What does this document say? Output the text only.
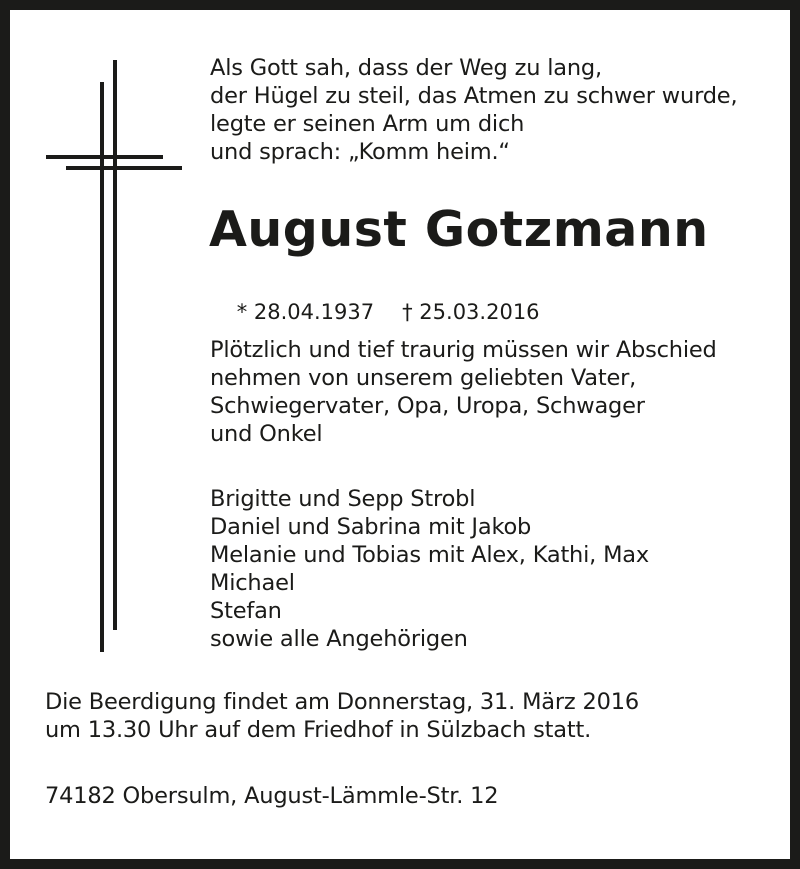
Als Gott sah, dass der Weg zu lang,

der Hügel zu steil, das Atmen zu schwer wurde,

legte er seinen Arm um dich

und sprach: „Komm heim.“

August Gotzmann

* 28.04.1937 † 25.03.2016

Plötzlich und tief traurig müssen wir Abschied

nehmen von unserem geliebten Vater,

Schwiegervater, Opa, Uropa, Schwager

und Onkel

Brigitte und Sepp Strobl

Daniel und Sabrina mit Jakob

Melanie und Tobias mit Alex, Kathi, Max

Michael

Stefan

sowie alle Angehörigen

Die Beerdigung findet am Donnerstag, 31. März 2016

um 13.30 Uhr auf dem Friedhof in Sülzbach statt.

74182 Obersulm, August-Lämmle-Str. 12
